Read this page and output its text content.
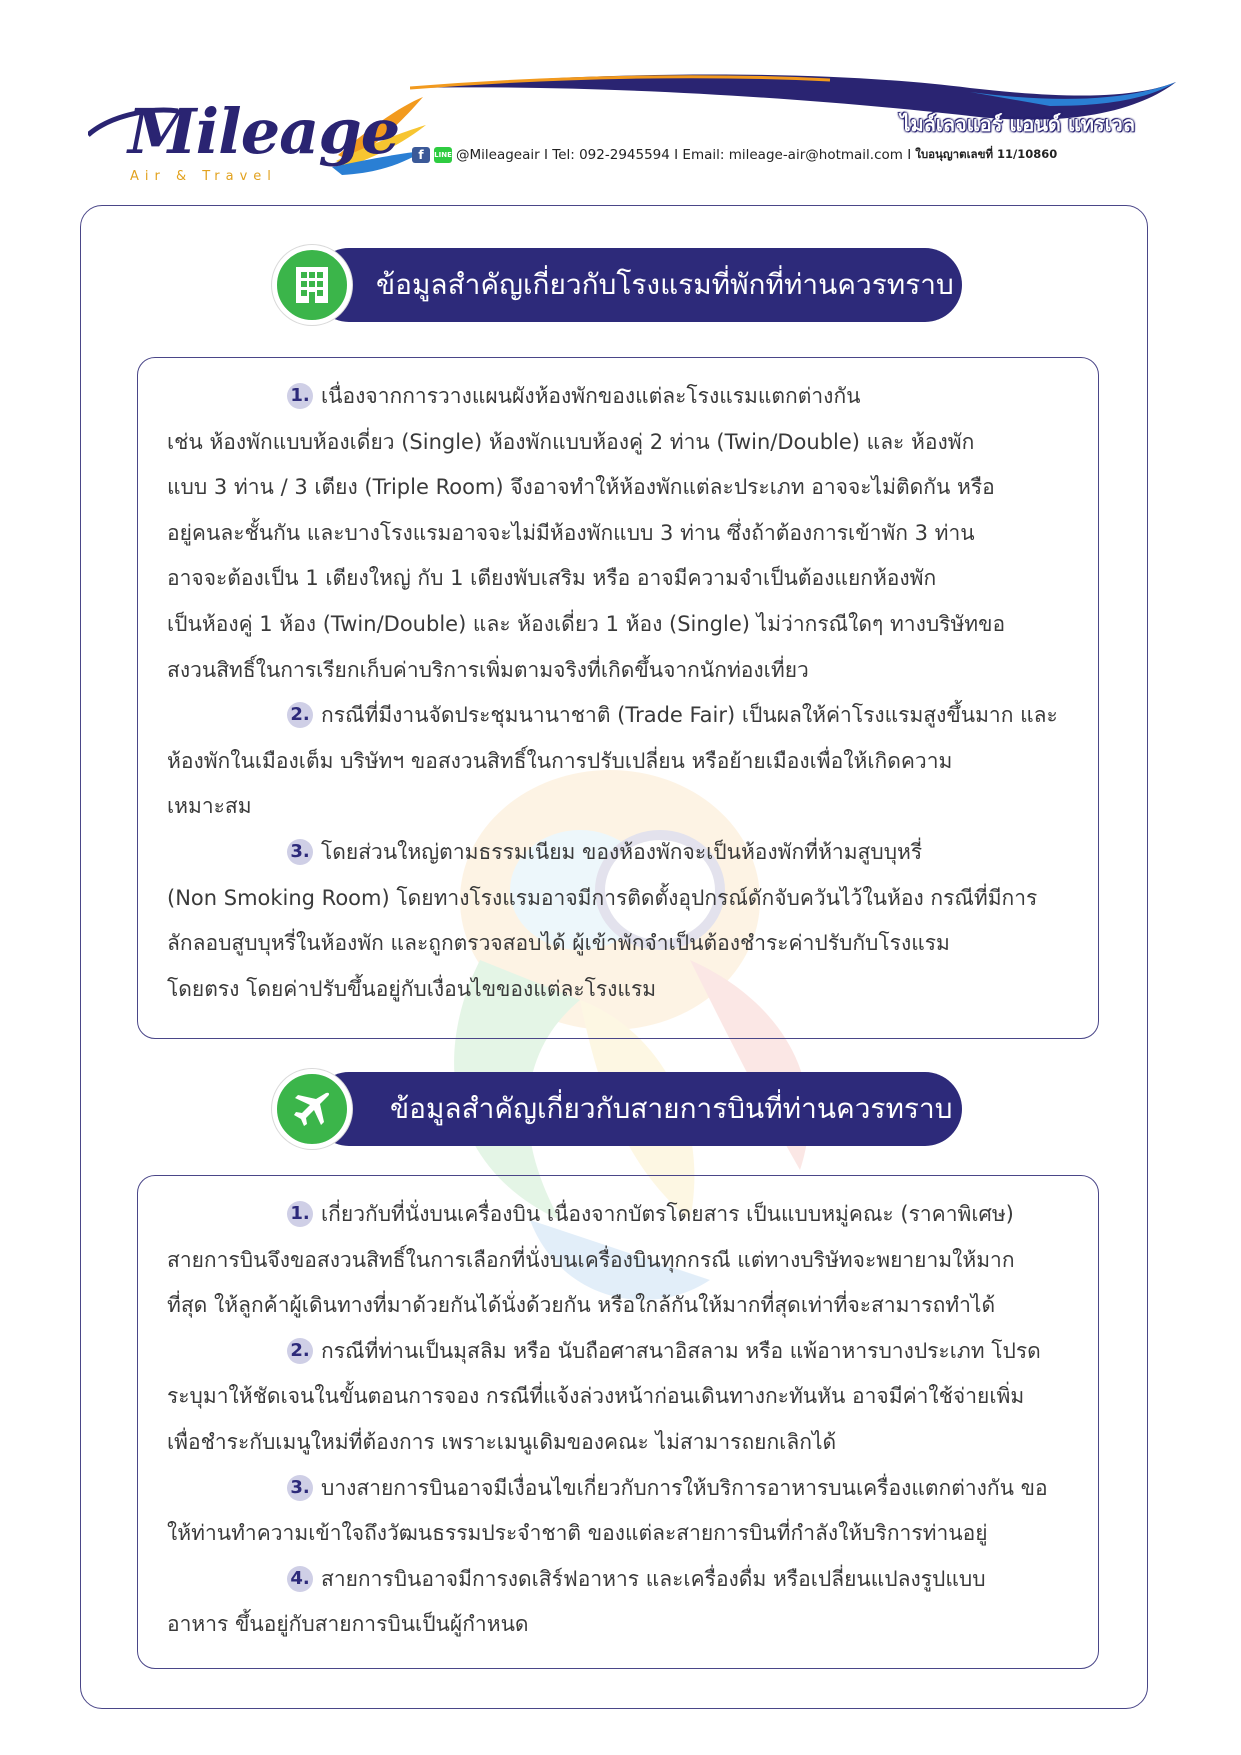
Mileage
Air & Travel
ไมล์เลจแอร์ แอนด์ แทรเวล
f	LINE @Mileageair I Tel: 092-2945594 I Email: mileage-air@hotmail.com I ใบอนุญาตเลขที่ 11/10860
ข้อมูลสำคัญเกี่ยวกับโรงแรมที่พักที่ท่านควรทราบ

1. เนื่องจากการวางแผนผังห้องพักของแต่ละโรงแรมแตกต่างกัน

เช่น ห้องพักแบบห้องเดี่ยว (Single) ห้องพักแบบห้องคู่ 2 ท่าน (Twin/Double) และ ห้องพัก

แบบ 3 ท่าน / 3 เตียง (Triple Room) จึงอาจทำให้ห้องพักแต่ละประเภท อาจจะไม่ติดกัน หรือ

อยู่คนละชั้นกัน และบางโรงแรมอาจจะไม่มีห้องพักแบบ 3 ท่าน ซึ่งถ้าต้องการเข้าพัก 3 ท่าน

อาจจะต้องเป็น 1 เตียงใหญ่ กับ 1 เตียงพับเสริม หรือ อาจมีความจำเป็นต้องแยกห้องพัก

เป็นห้องคู่ 1 ห้อง (Twin/Double) และ ห้องเดี่ยว 1 ห้อง (Single) ไม่ว่ากรณีใดๆ ทางบริษัทขอ

สงวนสิทธิ์ในการเรียกเก็บค่าบริการเพิ่มตามจริงที่เกิดขึ้นจากนักท่องเที่ยว

2. กรณีที่มีงานจัดประชุมนานาชาติ (Trade Fair) เป็นผลให้ค่าโรงแรมสูงขึ้นมาก และ

ห้องพักในเมืองเต็ม บริษัทฯ ขอสงวนสิทธิ์ในการปรับเปลี่ยน หรือย้ายเมืองเพื่อให้เกิดความ

เหมาะสม

3. โดยส่วนใหญ่ตามธรรมเนียม ของห้องพักจะเป็นห้องพักที่ห้ามสูบบุหรี่

(Non Smoking Room) โดยทางโรงแรมอาจมีการติดตั้งอุปกรณ์ดักจับควันไว้ในห้อง กรณีที่มีการ

ลักลอบสูบบุหรี่ในห้องพัก และถูกตรวจสอบได้ ผู้เข้าพักจำเป็นต้องชำระค่าปรับกับโรงแรม

โดยตรง โดยค่าปรับขึ้นอยู่กับเงื่อนไขของแต่ละโรงแรม

ข้อมูลสำคัญเกี่ยวกับสายการบินที่ท่านควรทราบ

1. เกี่ยวกับที่นั่งบนเครื่องบิน เนื่องจากบัตรโดยสาร เป็นแบบหมู่คณะ (ราคาพิเศษ)

สายการบินจึงขอสงวนสิทธิ์ในการเลือกที่นั่งบนเครื่องบินทุกกรณี แต่ทางบริษัทจะพยายามให้มาก

ที่สุด ให้ลูกค้าผู้เดินทางที่มาด้วยกันได้นั่งด้วยกัน หรือใกล้กันให้มากที่สุดเท่าที่จะสามารถทำได้

2. กรณีที่ท่านเป็นมุสลิม หรือ นับถือศาสนาอิสลาม หรือ แพ้อาหารบางประเภท โปรด

ระบุมาให้ชัดเจนในขั้นตอนการจอง กรณีที่แจ้งล่วงหน้าก่อนเดินทางกะทันหัน อาจมีค่าใช้จ่ายเพิ่ม

เพื่อชำระกับเมนูใหม่ที่ต้องการ เพราะเมนูเดิมของคณะ ไม่สามารถยกเลิกได้

3. บางสายการบินอาจมีเงื่อนไขเกี่ยวกับการให้บริการอาหารบนเครื่องแตกต่างกัน ขอ

ให้ท่านทำความเข้าใจถึงวัฒนธรรมประจำชาติ ของแต่ละสายการบินที่กำลังให้บริการท่านอยู่

4. สายการบินอาจมีการงดเสิร์ฟอาหาร และเครื่องดื่ม หรือเปลี่ยนแปลงรูปแบบ

อาหาร ขึ้นอยู่กับสายการบินเป็นผู้กำหนด
